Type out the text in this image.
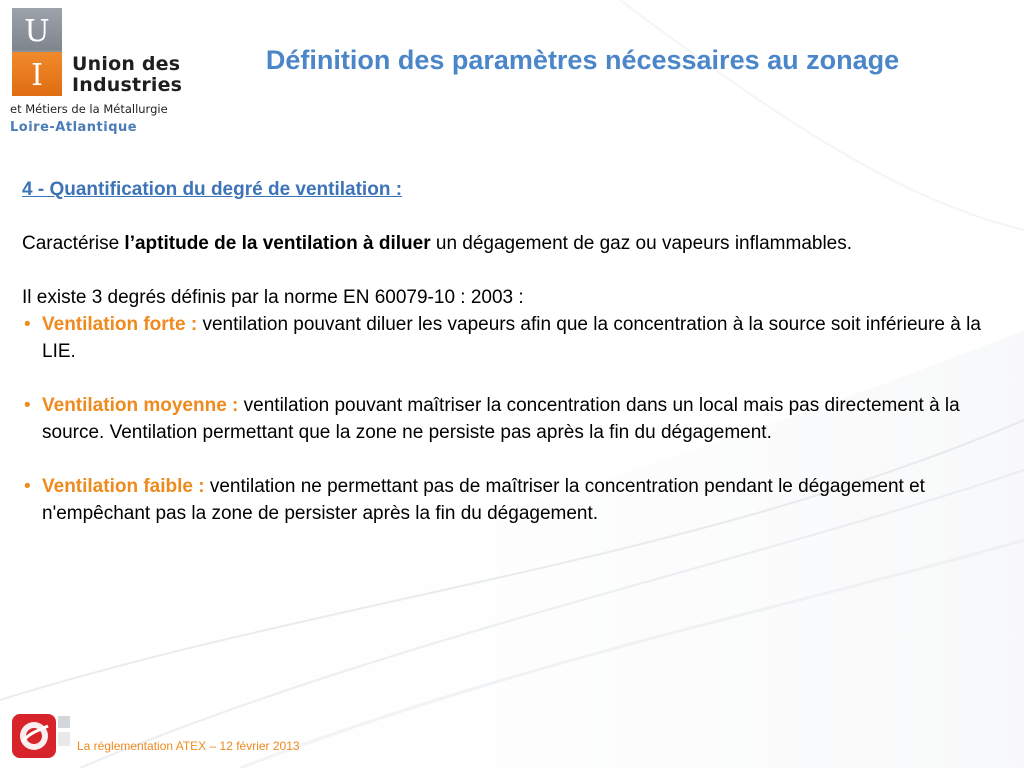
U
I	Union des
Industries
et Métiers de la Métallurgie
Loire-Atlantique
Définition des paramètres nécessaires au zonage

4 - Quantification du degré de ventilation :

Caractérise l’aptitude de la ventilation à diluer un dégagement de gaz ou vapeurs inflammables.

Il existe 3 degrés définis par la norme EN 60079-10 : 2003 :

• Ventilation forte : ventilation pouvant diluer les vapeurs afin que la concentration à la source soit inférieure à la LIE.
• Ventilation moyenne : ventilation pouvant maîtriser la concentration dans un local mais pas directement à la source. Ventilation permettant que la zone ne persiste pas après la fin du dégagement.
• Ventilation faible : ventilation ne permettant pas de maîtriser la concentration pendant le dégagement et n'empêchant pas la zone de persister après la fin du dégagement.
La réglementation ATEX – 12 février 2013
